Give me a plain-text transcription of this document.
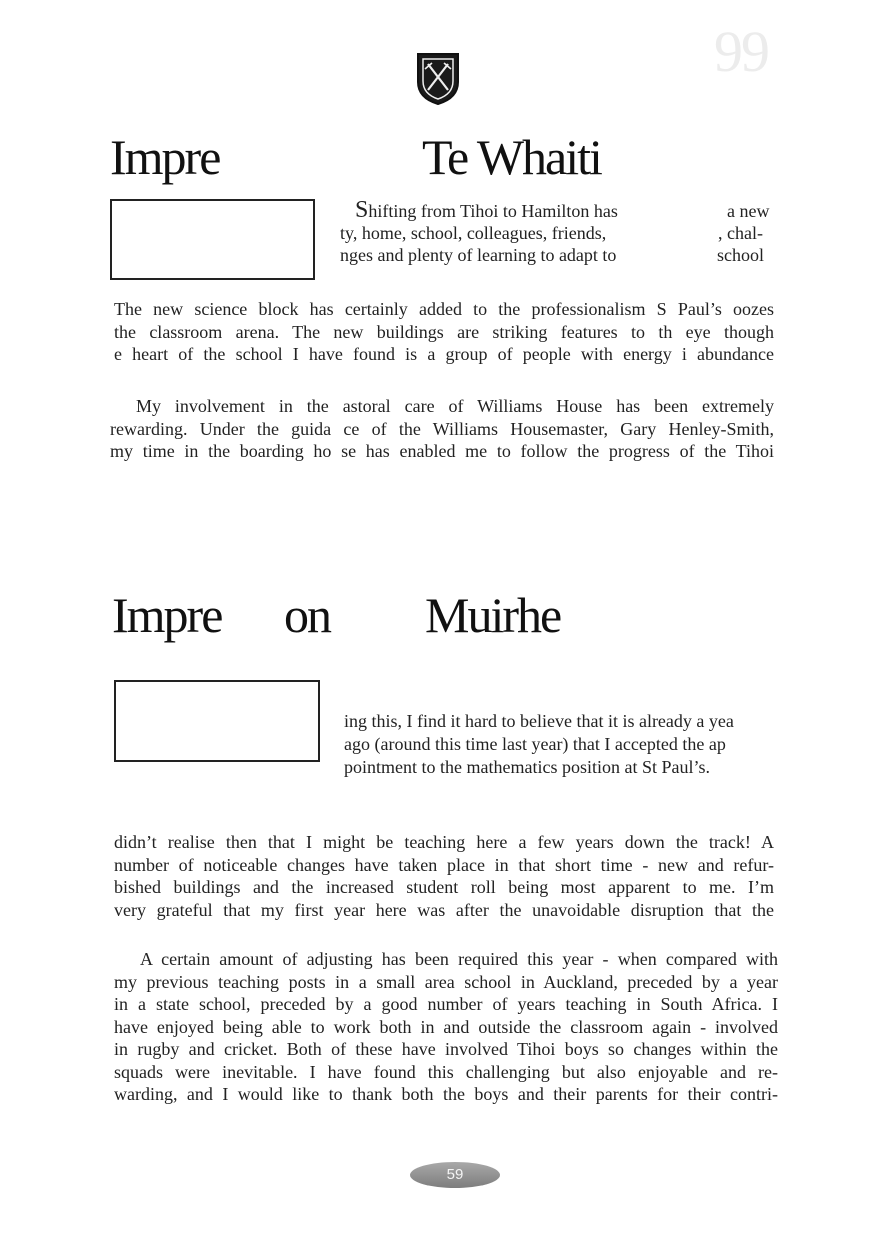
99
Impre	Te Whaiti
Shifting from Tihoi to Hamilton has	a new
ty, home, school, colleagues, friends,	, chal-
nges and plenty of learning to adapt to	school
The new science block has certainly added to the professionalism S Paul’s oozes
the classroom arena. The new buildings are striking features to th eye though
e heart of the school I have found is a group of people with energy i abundance
My involvement in the astoral care of Williams House has been extremely
rewarding. Under the guida ce of the Williams Housemaster, Gary Henley-Smith,
my time in the boarding ho se has enabled me to follow the progress of the Tihoi
Impre on Muirhe
ing this, I find it hard to believe that it is already a yea
ago (around this time last year) that I accepted the ap
pointment to the mathematics position at St Paul’s.
didn’t realise then that I might be teaching here a few years down the track! A
number of noticeable changes have taken place in that short time - new and refur-
bished buildings and the increased student roll being most apparent to me. I’m
very grateful that my first year here was after the unavoidable disruption that the
A certain amount of adjusting has been required this year - when compared with
my previous teaching posts in a small area school in Auckland, preceded by a year
in a state school, preceded by a good number of years teaching in South Africa. I
have enjoyed being able to work both in and outside the classroom again - involved
in rugby and cricket. Both of these have involved Tihoi boys so changes within the
squads were inevitable. I have found this challenging but also enjoyable and re-
warding, and I would like to thank both the boys and their parents for their contri-
59
